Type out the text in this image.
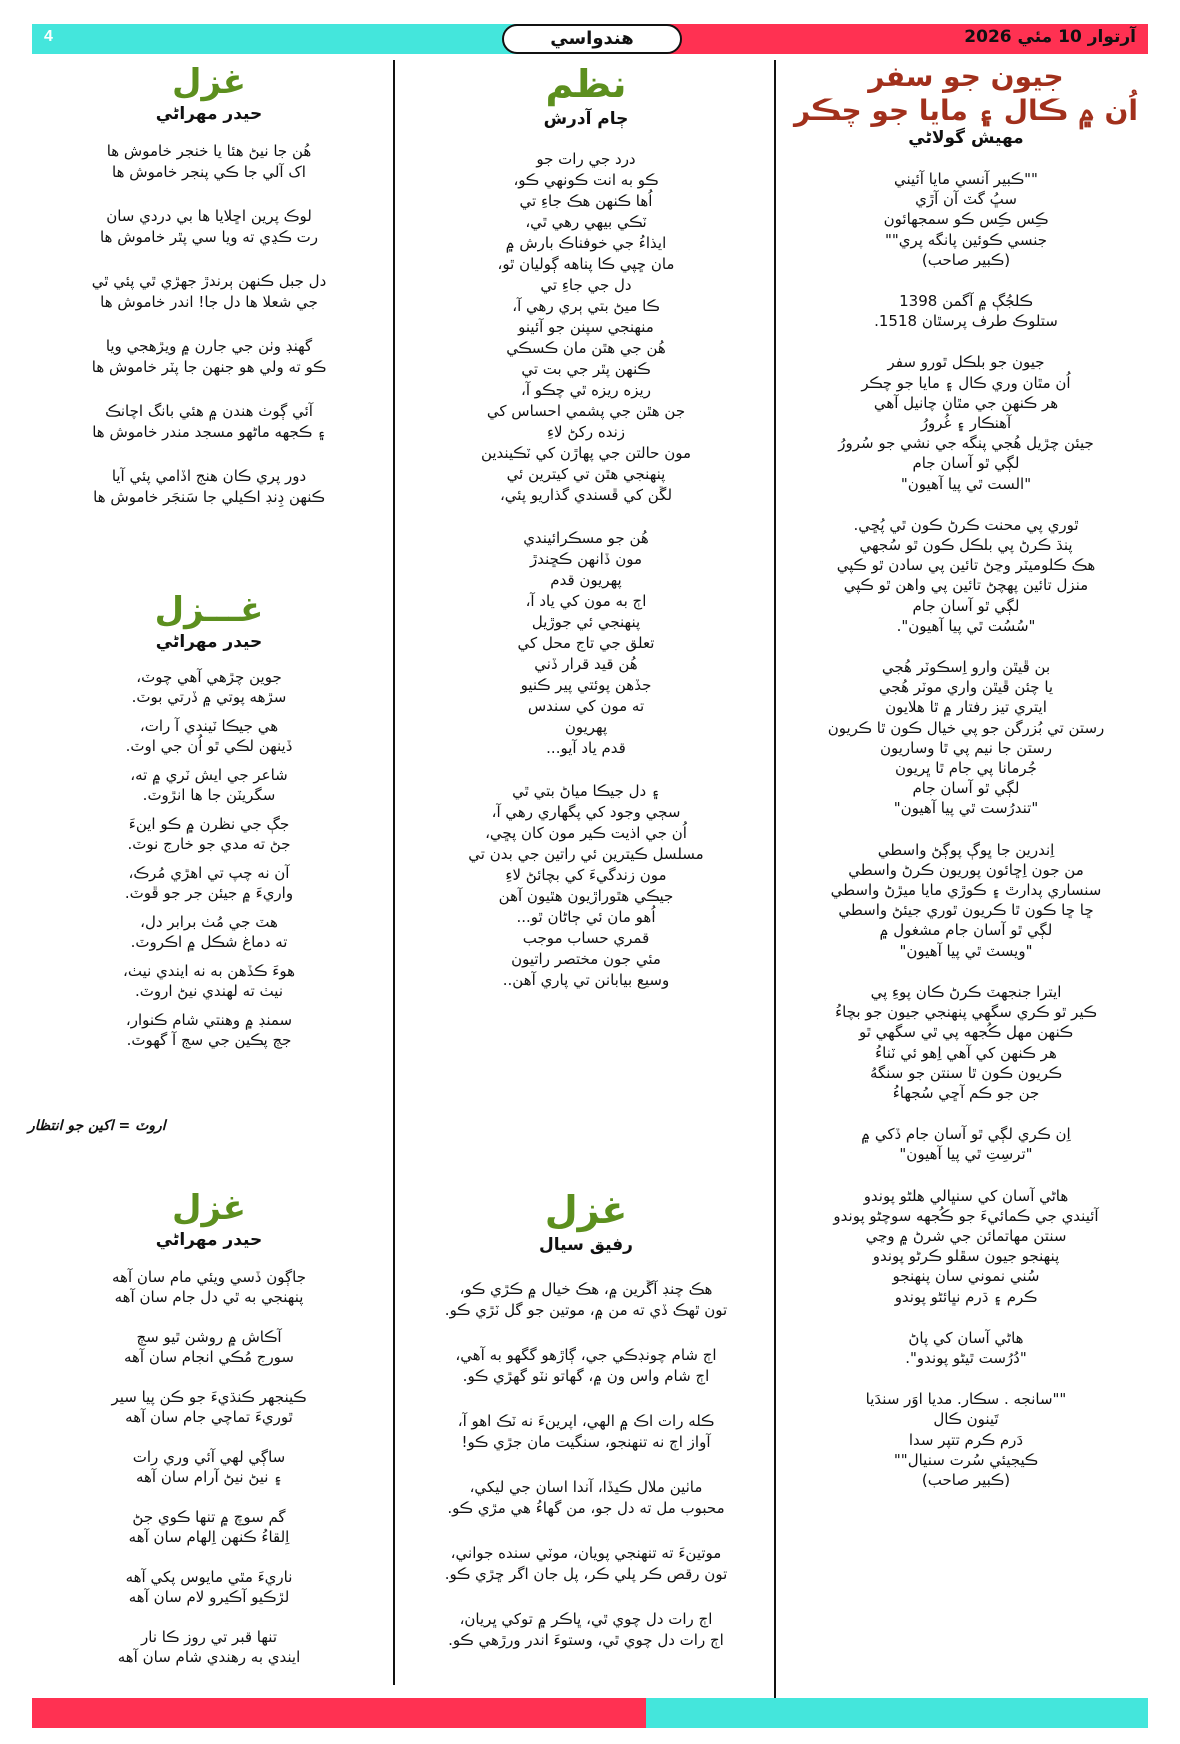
4	آرتوار 10 مئي 2026
هندواسي
جيون جو سفر
اُن ۾ ڪال ۽ مايا جو چڪر
مهيش گولاڻي
""ڪبير آنسي مايا آئيني
سڀُ گٽ آن آڙي
ڪِس ڪِس ڪو سمجهائون
جنسي ڪوئين پانگه پري""
(ڪبير صاحب)
ڪلجُڳ ۾ آگمن 1398
ستلوڪ طرف پرسٿان 1518.
جيون جو بلڪل ٿورو سفر
اُن مٿان وري ڪال ۽ مايا جو چڪر
هر ڪنهن جي مٿان چانيل آهي
آهنڪار ۽ غُرورُ
جيئن چڙيل هُجي پنگه جي نشي جو سُرورُ
لڳي ٿو آسان جام
"الست ٿي پيا آهيون"
ٿوري پي محنت ڪرڻ ڪون ٿي پُڇي.
پنڌ ڪرڻ پي بلڪل ڪون ٿو سُجهي
هڪ ڪلوميٽر وڃڻ تائين پي سادن ٿو ڪپي
منزل تائين پهچڻ تائين پي واهن ٿو ڪپي
لڳي ٿو آسان جام
"سُسُت ٿي پيا آهيون".
بن ڦيٿن وارو اِسڪوٽر هُجي
يا چئن ڦيٿن واري موٽر هُجي
ايتري تيز رفتار ۾ ٿا هلايون
رستن تي بُزرگن جو پي خيال ڪون ٿا ڪريون
رستن جا نيم پي ٿا وساريون
جُرمانا پي جام ٿا ڀريون
لڳي ٿو آسان جام
"تندرُست ٿي پيا آهيون"
اِندرين جا ڀوڳ پوڳڻ واسطي
من جون اِڇائون پوريون ڪرڻ واسطي
سنساري پدارٿ ۽ ڪوڙي مايا ميڙڻ واسطي
ڇا ڇا ڪون ٿا ڪريون ٿوري جيئڻ واسطي
لڳي ٿو آسان جام مشغول ۾
"ويسٽ ٿي پيا آهيون"
ايترا جنجهٽ ڪرڻ ڪان پوءِ پي
ڪير ٿو ڪري سگهي پنهنجي جيون جو بچاءُ
ڪنهن مهل ڪُجهه پي ٿي سگهي ٿو
هر ڪنهن کي آهي اِهو ئي ٽناءُ
ڪريون ڪون ٿا سنتن جو سنگهُ
جن جو ڪم آڇي سُجهاءُ
اِن ڪري لڳي ٿو آسان جام ڏکي ۾
"ترسِتِ ٿي پيا آهيون"
هاڻي آسان کي سنڀالي هلڻو پوندو
آئيندي جي ڪمائيءَ جو ڪُجهه سوچڻو پوندو
سنتن مهاتمائن جي شرڻ ۾ وڃي
پنهنجو جيون سڦلو ڪرڻو پوندو
سُني نموني سان پنهنجو
ڪرم ۽ ڌرم نڀائڻو پوندو
هاڻي آسان کي پاڻ
"دُرُست ٿيڻو پوندو".
""سانجه . سڪار. مديا اوَر سندَيا
تَينون ڪال
دَرم ڪرم تتپر سدا
ڪيجيئي سُرت سنيال""
(ڪبير صاحب)
نظم
ڄام آدرش
درد جي رات جو
ڪو به انت ڪونهي ڪو،
اُها ڪنهن هڪ جاءِ تي
ٽڪي بيهي رهي ٿي،
ايذاءُ جي خوفناڪ بارش ۾
مان ڇپي ڪا پناهه ڳوليان ٿو،
دل جي جاءِ تي
ڪا ميڻ بتي ٻري رهي آ،
منهنجي سپنن جو آئينو
هُن جي هٿن مان ڪسڪي
ڪنهن پٿر جي بت تي
ريزه ريزه ٿي چڪو آ،
جن هٿن جي پشمي احساس کي
زنده رکڻ لاءِ
مون حالتن جي پهاڙن کي ٽڪيندين
پنهنجي هٿن تي کيترين ئي
لڱن کي ڦسندي گذاريو پئي،
هُن جو مسڪرائيندي
مون ڏانهن ڪڇندڙ
پهريون قدم
اڄ به مون کي ياد آ،
پنهنجي ئي جوڙيل
تعلق جي تاج محل کي
هُن قيد قرار ڏني
جڏهن پوئتي پير ڪنيو
ته مون کي سندس
پهريون
قدم ياد آيو...
۽ دل جيڪا مياڻ بتي ٿي
سڄي وجود کي پگهاري رهي آ،
اُن جي اذيت ڪير مون کان پڇي،
مسلسل ڪيترين ئي راتين جي بدن تي
مون زندگيءَ کي بچائڻ لاءِ
جيڪي هٿوراڙيون هٿيون آهن
اُهو مان ئي ڄاڻان ٿو...
قمري حساب موجب
مئي جون مختصر راتيون
وسيع بيابانن تي پاري آهن..
غزل
رفيق سيال
هڪ چنڊ آڱرين ۾، هڪ خيال ۾ ڪڙي ڪو،
تون ٿهڪ ڏي ته من ۾، موتين جو گل ٽڙي ڪو.
اڄ شام چونڊڪي جي، ڳاڙهو گگهو به آهي،
اڄ شام واس ون ۾، گهاتو نٽو گهڙي ڪو.
ڪله رات اڪ ۾ الهي، اپرينءَ نه ٽڪ اهو آ،
آواز اڄ نه تنهنجو، سنگيت مان جڙي ڪو!
ماٺين ملال ڪيڏا، آندا اسان جي ليکي،
محبوب مل ته دل جو، من گهاءُ هي مڙي ڪو.
موتينءَ ته تنهنجي پويان، موٽي سنده جواني،
تون رقص ڪر پلي ڪر، پل جان اگر ڇڙي ڪو.
اڄ رات دل چوي ٿي، ڀاڪر ۾ توکي ڀريان،
اڄ رات دل چوي ٿي، وستوءَ اندر ورڙهي ڪو.
غزل
حيدر مهراڻي
هُن جا نيڻ هئا يا خنجر خاموش ها
اک آلي جا ڪي پنجر خاموش ها
لوڪ پرين اڇلايا ها بي دردي سان
رت ڪڍي ته ويا سي پٿر خاموش ها
دل جبل ڪنهن ٻرندڙ جهڙي ٿي پئي ٿي
جي شعلا ها دل جا! اندر خاموش ها
گهنڊ وٺن جي جارن ۾ ويڙهجي ويا
ڪو ته ولي هو جنهن جا پٽر خاموش ها
آئي ڳوٺ هندن ۾ هئي بانگ اچانڪ
۽ ڪجهه ماڻهو مسجد مندر خاموش ها
دور پري ڪان هنج اڏامي پئي آيا
ڪنهن ڊِنڊ اڪيلي جا سَنجَر خاموش ها
غـــزل
حيدر مهراڻي
جوين چڙهي آهي چوٽ،
سڙهه پوتي ۾ ڏرتي بوٽ.
هي جيڪا ٽيندي آ رات،
ڏينهن لڪي ٿو اُن جي اوٽ.
شاعر جي ايش ٽري ۾ ته،
سگريٽن جا ها انڙوٽ.
جڳ جي نظرن ۾ ڪو اينءَ
جڻ ته مدي جو خارج نوٽ.
آن نه چپ تي اهڙي مُرڪ،
واريءَ ۾ جيئن جر جو ڦوٽ.
هٽ جي مُٺ برابر دل،
ته دماغ شڪل ۾ اڪروٽ.
هوءَ ڪڏهن به نه ايندي نيٺ،
نيٺ ته لهندي نيڻ اروٽ.
سمنڊ ۾ وهنتي شام ڪنوار،
جڄ پڪين جي سڄ آ گهوٽ.
اروٽ = اکين جو انتظار
غزل
حيدر مهراڻي
جاڳون ڏسي ويئي مام سان آهه
پنهنجي به ٿي دل جام سان آهه
آڪاش ۾ روشن ٿيو سڄ
سورج مُڪي انجام سان آهه
ڪينجهر ڪنڌيءَ جو ڪن پيا سير
ٿوريءَ تماچي جام سان آهه
ساڳي لهي آئي وري رات
۽ نيڻ نيڻ آرام سان آهه
گم سوچ ۾ تنها ڪوي جڻ
اِلقاءُ ڪنهن اِلهام سان آهه
ناريءَ مٿي مايوس پکي آهه
لڙڪيو آڪيرو لام سان آهه
تنها قبر تي روز ڪا نار
ايندي به رهندي شام سان آهه
